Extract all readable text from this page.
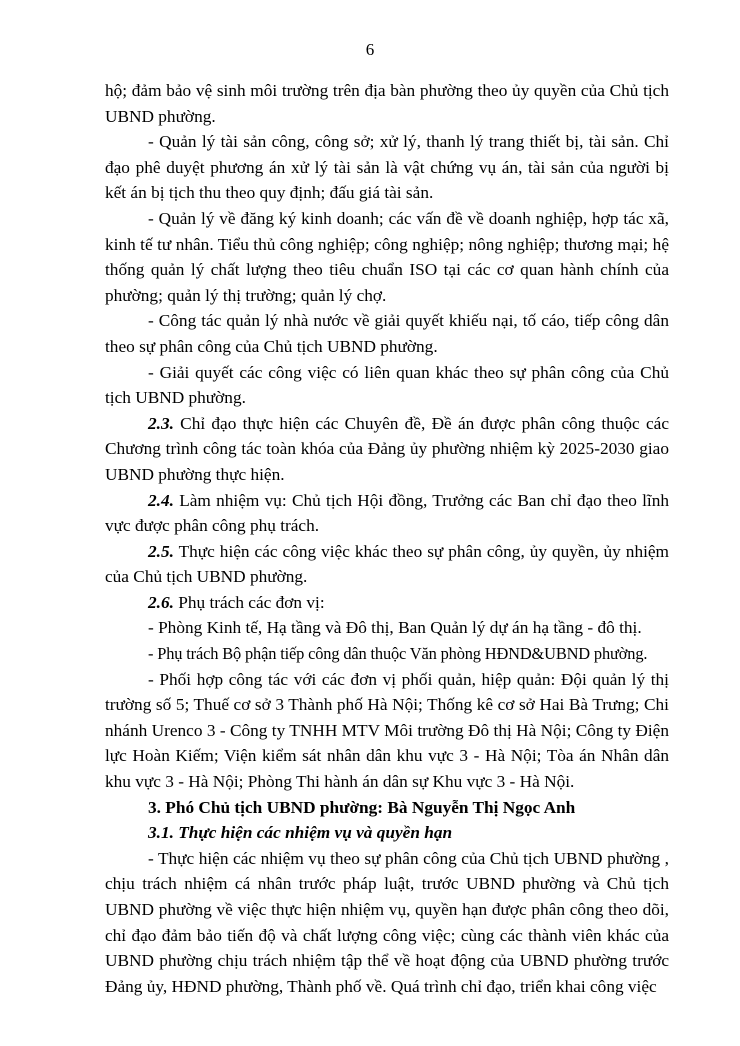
6

hộ; đảm bảo vệ sinh môi trường trên địa bàn phường theo ủy quyền của Chủ tịch UBND phường.

- Quản lý tài sản công, công sở; xử lý, thanh lý trang thiết bị, tài sản. Chỉ đạo phê duyệt phương án xử lý tài sản là vật chứng vụ án, tài sản của người bị kết án bị tịch thu theo quy định; đấu giá tài sản.

- Quản lý về đăng ký kinh doanh; các vấn đề về doanh nghiệp, hợp tác xã, kinh tế tư nhân. Tiểu thủ công nghiệp; công nghiệp; nông nghiệp; thương mại; hệ thống quản lý chất lượng theo tiêu chuẩn ISO tại các cơ quan hành chính của phường; quản lý thị trường; quản lý chợ.

- Công tác quản lý nhà nước về giải quyết khiếu nại, tố cáo, tiếp công dân theo sự phân công của Chủ tịch UBND phường.

- Giải quyết các công việc có liên quan khác theo sự phân công của Chủ tịch UBND phường.

2.3. Chỉ đạo thực hiện các Chuyên đề, Đề án được phân công thuộc các Chương trình công tác toàn khóa của Đảng ủy phường nhiệm kỳ 2025-2030 giao UBND phường thực hiện.

2.4. Làm nhiệm vụ: Chủ tịch Hội đồng, Trưởng các Ban chỉ đạo theo lĩnh vực được phân công phụ trách.

2.5. Thực hiện các công việc khác theo sự phân công, ủy quyền, ủy nhiệm của Chủ tịch UBND phường.

2.6. Phụ trách các đơn vị:

- Phòng Kinh tế, Hạ tầng và Đô thị, Ban Quản lý dự án hạ tầng - đô thị.

- Phụ trách Bộ phận tiếp công dân thuộc Văn phòng HĐND&UBND phường.

- Phối hợp công tác với các đơn vị phối quản, hiệp quản: Đội quản lý thị trường số 5; Thuế cơ sở 3 Thành phố Hà Nội; Thống kê cơ sở Hai Bà Trưng; Chi nhánh Urenco 3 - Công ty TNHH MTV Môi trường Đô thị Hà Nội; Công ty Điện lực Hoàn Kiếm; Viện kiểm sát nhân dân khu vực 3 - Hà Nội; Tòa án Nhân dân khu vực 3 - Hà Nội; Phòng Thi hành án dân sự Khu vực 3 - Hà Nội.

3. Phó Chủ tịch UBND phường: Bà Nguyễn Thị Ngọc Anh

3.1. Thực hiện các nhiệm vụ và quyền hạn

- Thực hiện các nhiệm vụ theo sự phân công của Chủ tịch UBND phường , chịu trách nhiệm cá nhân trước pháp luật, trước UBND phường và Chủ tịch UBND phường về việc thực hiện nhiệm vụ, quyền hạn được phân công theo dõi, chỉ đạo đảm bảo tiến độ và chất lượng công việc; cùng các thành viên khác của UBND phường chịu trách nhiệm tập thể về hoạt động của UBND phường trước Đảng ủy, HĐND phường, Thành phố về. Quá trình chỉ đạo, triển khai công việc
